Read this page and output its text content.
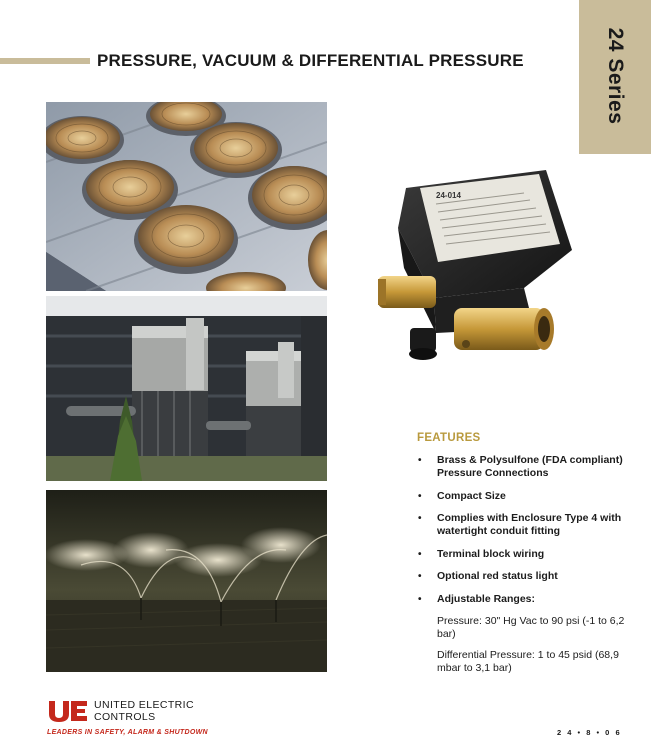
24 Series
PRESSURE, VACUUM & DIFFERENTIAL PRESSURE
24-014
FEATURES
• Brass & Polysulfone (FDA compliant) Pressure Connections
• Compact Size
• Complies with Enclosure Type 4 with watertight conduit fitting
• Terminal block wiring
• Optional red status light
• Adjustable Ranges:
Pressure: 30" Hg Vac to 90 psi (-1 to 6,2 bar)
Differential Pressure: 1 to 45 psid (68,9 mbar to 3,1 bar)
UNITED ELECTRIC CONTROLS
LEADERS IN SAFETY, ALARM & SHUTDOWN	2 4 • 8 • 0 6
